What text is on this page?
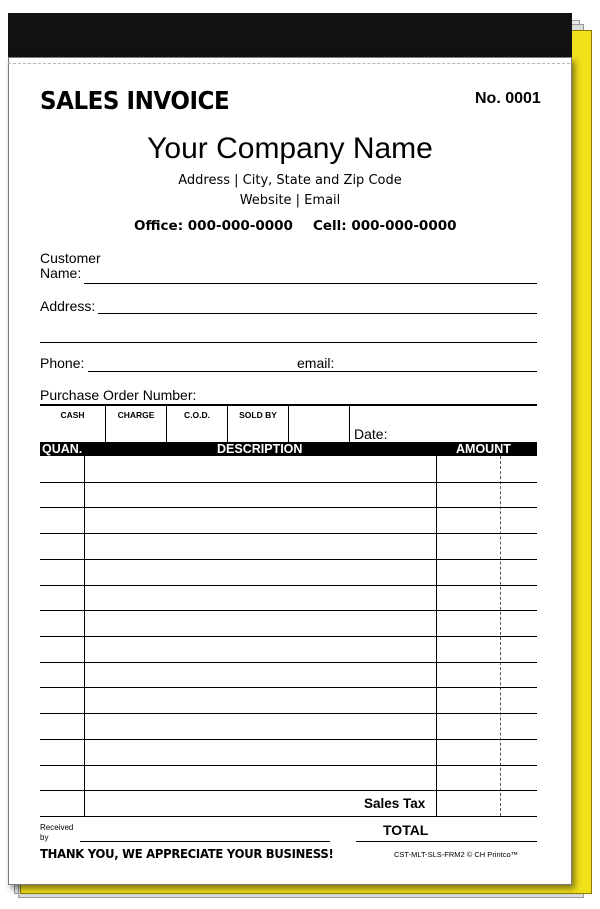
SALES INVOICE	No. 0001
Your Company Name
Address | City, State and Zip Code
Website | Email
Office: 000-000-0000 Cell: 000-000-0000
Customer
Name:
Address:
Phone:	email:
Purchase Order Number:
CASH	CHARGE	C.O.D.	SOLD BY
Date:
QUAN.	DESCRIPTION	AMOUNT
Sales Tax
TOTAL
Received by
THANK YOU, WE APPRECIATE YOUR BUSINESS!	CST-MLT-SLS-FRM2 © CH Printco™
